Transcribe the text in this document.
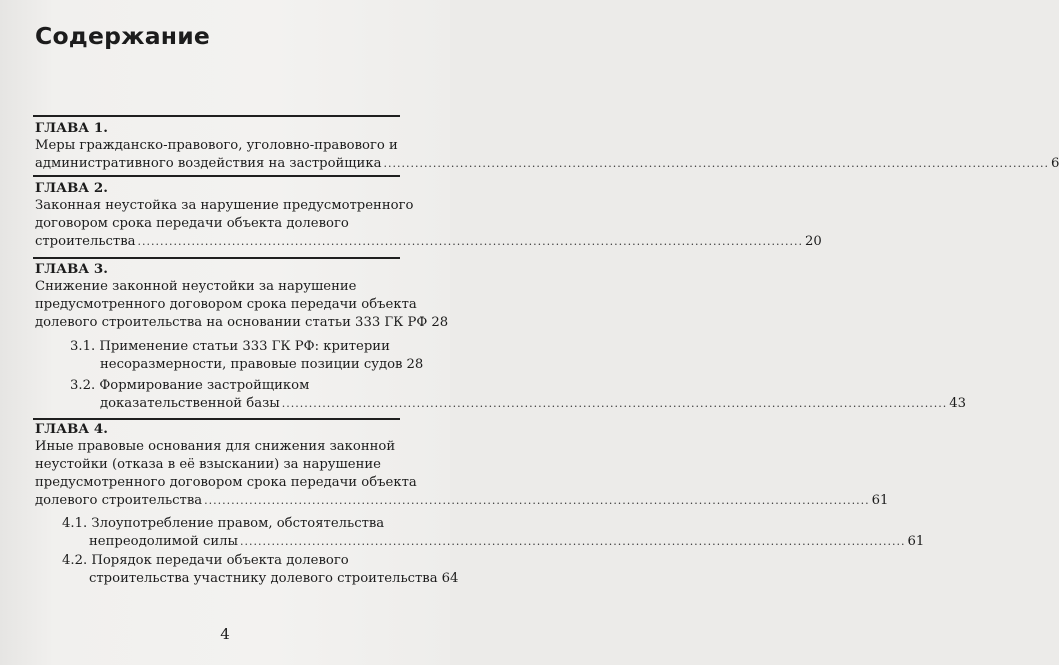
Содержание

ГЛАВА 1.

Меры гражданско-правового, уголовно-правового и
административного воздействия на застройщика .....	6

ГЛАВА 2.

Законная неустойка за нарушение предусмотренного
договором срока передачи объекта долевого
строительства .....	20

ГЛАВА 3.

Снижение законной неустойки за нарушение
предусмотренного договором срока передачи объекта
долевого строительства на основании статьи 333 ГК РФ 28
3.1. Применение статьи 333 ГК РФ: критерии
несоразмерности, правовые позиции судов 28
3.2. Формирование застройщиком
доказательственной базы .....	43

ГЛАВА 4.

Иные правовые основания для снижения законной
неустойки (отказа в её взыскании) за нарушение
предусмотренного договором срока передачи объекта
долевого строительства .....	61
4.1. Злоупотребление правом, обстоятельства
непреодолимой силы .....	61
4.2. Порядок передачи объекта долевого
строительства участнику долевого строительства 64
4
